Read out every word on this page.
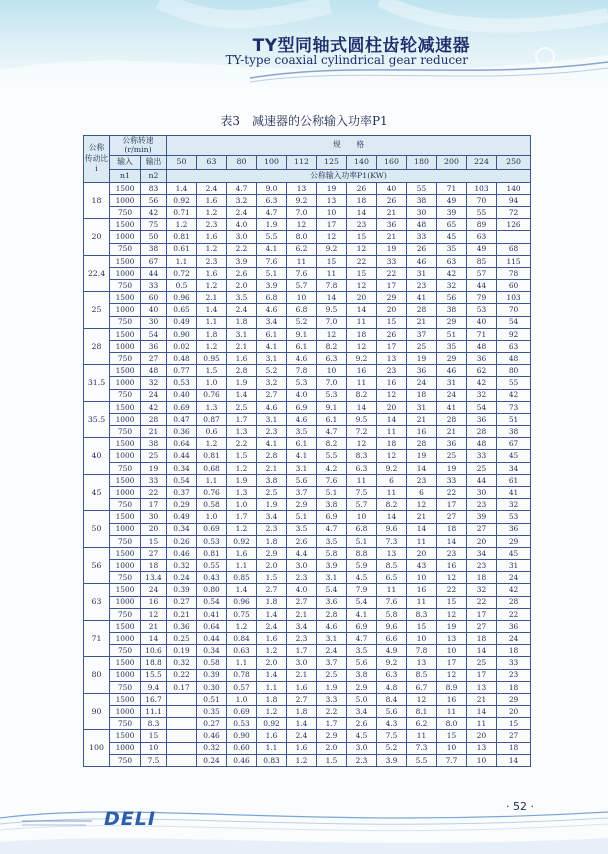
TY型同轴式圆柱齿轮减速器
TY-type coaxial cylindrical gear reducer
表3 减速器的公称输入功率P1
公称
传动比
i	公称转速
(r/min)		规　　格											
	输入	输出	50	63	80	100	112	125	140	160	180	200	224	250
	n1	n2	公称输入功率P1(KW)											
18	1500	83	1.4	2.4	4.7	9.0	13	19	26	40	55	71	103	140
	1000	56	0.92	1.6	3.2	6.3	9.2	13	18	26	38	49	70	94
	750	42	0.71	1.2	2.4	4.7	7.0	10	14	21	30	39	55	72
20	1500	75	1.2	2.3	4.0	1.9	12	17	23	36	48	65	89	126
	1000	50	0.81	1.6	3.0	5.5	8.0	12	15	21	33	45	63	
	750	38	0.61	1.2	2.2	4.1	6.2	9.2	12	19	26	35	49	68
22.4	1500	67	1.1	2.3	3.9	7.6	11	15	22	33	46	63	85	115
	1000	44	0.72	1.6	2.6	5.1	7.6	11	15	22	31	42	57	78
	750	33	0.5	1.2	2.0	3.9	5.7	7.8	12	17	23	32	44	60
25	1500	60	0.96	2.1	3.5	6.8	10	14	20	29	41	56	79	103
	1000	40	0.65	1.4	2.4	4.6	6.8	9.5	14	20	28	38	53	70
	750	30	0.49	1.1	1.8	3.4	5.2	7.0	11	15	21	29	40	54
28	1500	54	0.90	1.8	3.1	6.1	9.1	12	18	26	37	51	71	92
	1000	36	0.02	1.2	2.1	4.1	6.1	8.2	12	17	25	35	48	63
	750	27	0.48	0.95	1.6	3.1	4.6	6.3	9.2	13	19	29	36	48
31.5	1500	48	0.77	1.5	2.8	5.2	7.8	10	16	23	36	46	62	80
	1000	32	0.53	1.0	1.9	3.2	5.3	7.0	11	16	24	31	42	55
	750	24	0.40	0.76	1.4	2.7	4.0	5.3	8.2	12	18	24	32	42
35.5	1500	42	0.69	1.3	2.5	4.6	6.9	9.1	14	20	31	41	54	73
	1000	28	0.47	0.87	1.7	3.1	4.6	6.1	9.5	14	21	28	36	51
	750	21	0.36	0.6	1.3	2.3	3.5	4.7	7.2	11	16	21	28	38
40	1500	38	0.64	1.2	2.2	4.1	6.1	8.2	12	18	28	36	48	67
	1000	25	0.44	0.81	1.5	2.8	4.1	5.5	8.3	12	19	25	33	45
	750	19	0.34	0.68	1.2	2.1	3.1	4.2	6.3	9.2	14	19	25	34
45	1500	33	0.54	1.1	1.9	3.8	5.6	7.6	11	6	23	33	44	61
	1000	22	0.37	0.76	1.3	2.5	3.7	5.1	7.5	11	6	22	30	41
	750	17	0.29	0.58	1.0	1.9	2.9	3.8	5.7	8.2	12	17	23	32
50	1500	30	0.49	1.0	1.7	3.4	5.1	6.9	10	14	21	27	39	53
	1000	20	0.34	0.69	1.2	2.3	3.5	4.7	6.8	9.6	14	18	27	36
	750	15	0.26	0.53	0.92	1.8	2.6	3.5	5.1	7.3	11	14	20	29
56	1500	27	0.46	0.81	1.6	2.9	4.4	5.8	8.8	13	20	23	34	45
	1000	18	0.32	0.55	1.1	2.0	3.0	3.9	5.9	8.5	43	16	23	31
	750	13.4	0.24	0.43	0.85	1.5	2.3	3.1	4.5	6.5	10	12	18	24
63	1500	24	0.39	0.80	1.4	2.7	4.0	5.4	7.9	11	16	22	32	42
	1000	16	0.27	0.54	0.96	1.8	2.7	3.6	5.4	7.6	11	15	22	28
	750	12	0.21	0.41	0.75	1.4	2.1	2.8	4.1	5.8	8.3	12	17	22
71	1500	21	0.36	0.64	1.2	2.4	3.4	4.6	6.9	9.6	15	19	27	36
	1000	14	0.25	0.44	0.84	1.6	2.3	3.1	4.7	6.6	10	13	18	24
	750	10.6	0.19	0.34	0.63	1.2	1.7	2.4	3.5	4.9	7.8	10	14	18
80	1500	18.8	0.32	0.58	1.1	2.0	3.0	3.7	5.6	9.2	13	17	25	33
	1000	15.5	0.22	0.39	0.78	1.4	2.1	2.5	3.8	6.3	8.5	12	17	23
	750	9.4	0.17	0.30	0.57	1.1	1.6	1.9	2.9	4.8	6.7	8.9	13	18
90	1500	16.7		0.51	1.0	1.8	2.7	3.3	5.0	8.4	12	16	21	29
	1000	11.1		0.35	0.69	1.2	1.8	2.2	3.4	5.6	8.1	11	14	20
	750	8.3		0.27	0.53	0.92	1.4	1.7	2.6	4.3	6.2	8.0	11	15
100	1500	15		0.46	0.90	1.6	2.4	2.9	4.5	7.5	11	15	20	27
	1000	10		0.32	0.60	1.1	1.6	2.0	3.0	5.2	7.3	10	13	18
	750	7.5		0.24	0.46	0.83	1.2	1.5	2.3	3.9	5.5	7.7	10	14
DELI
· 52 ·
